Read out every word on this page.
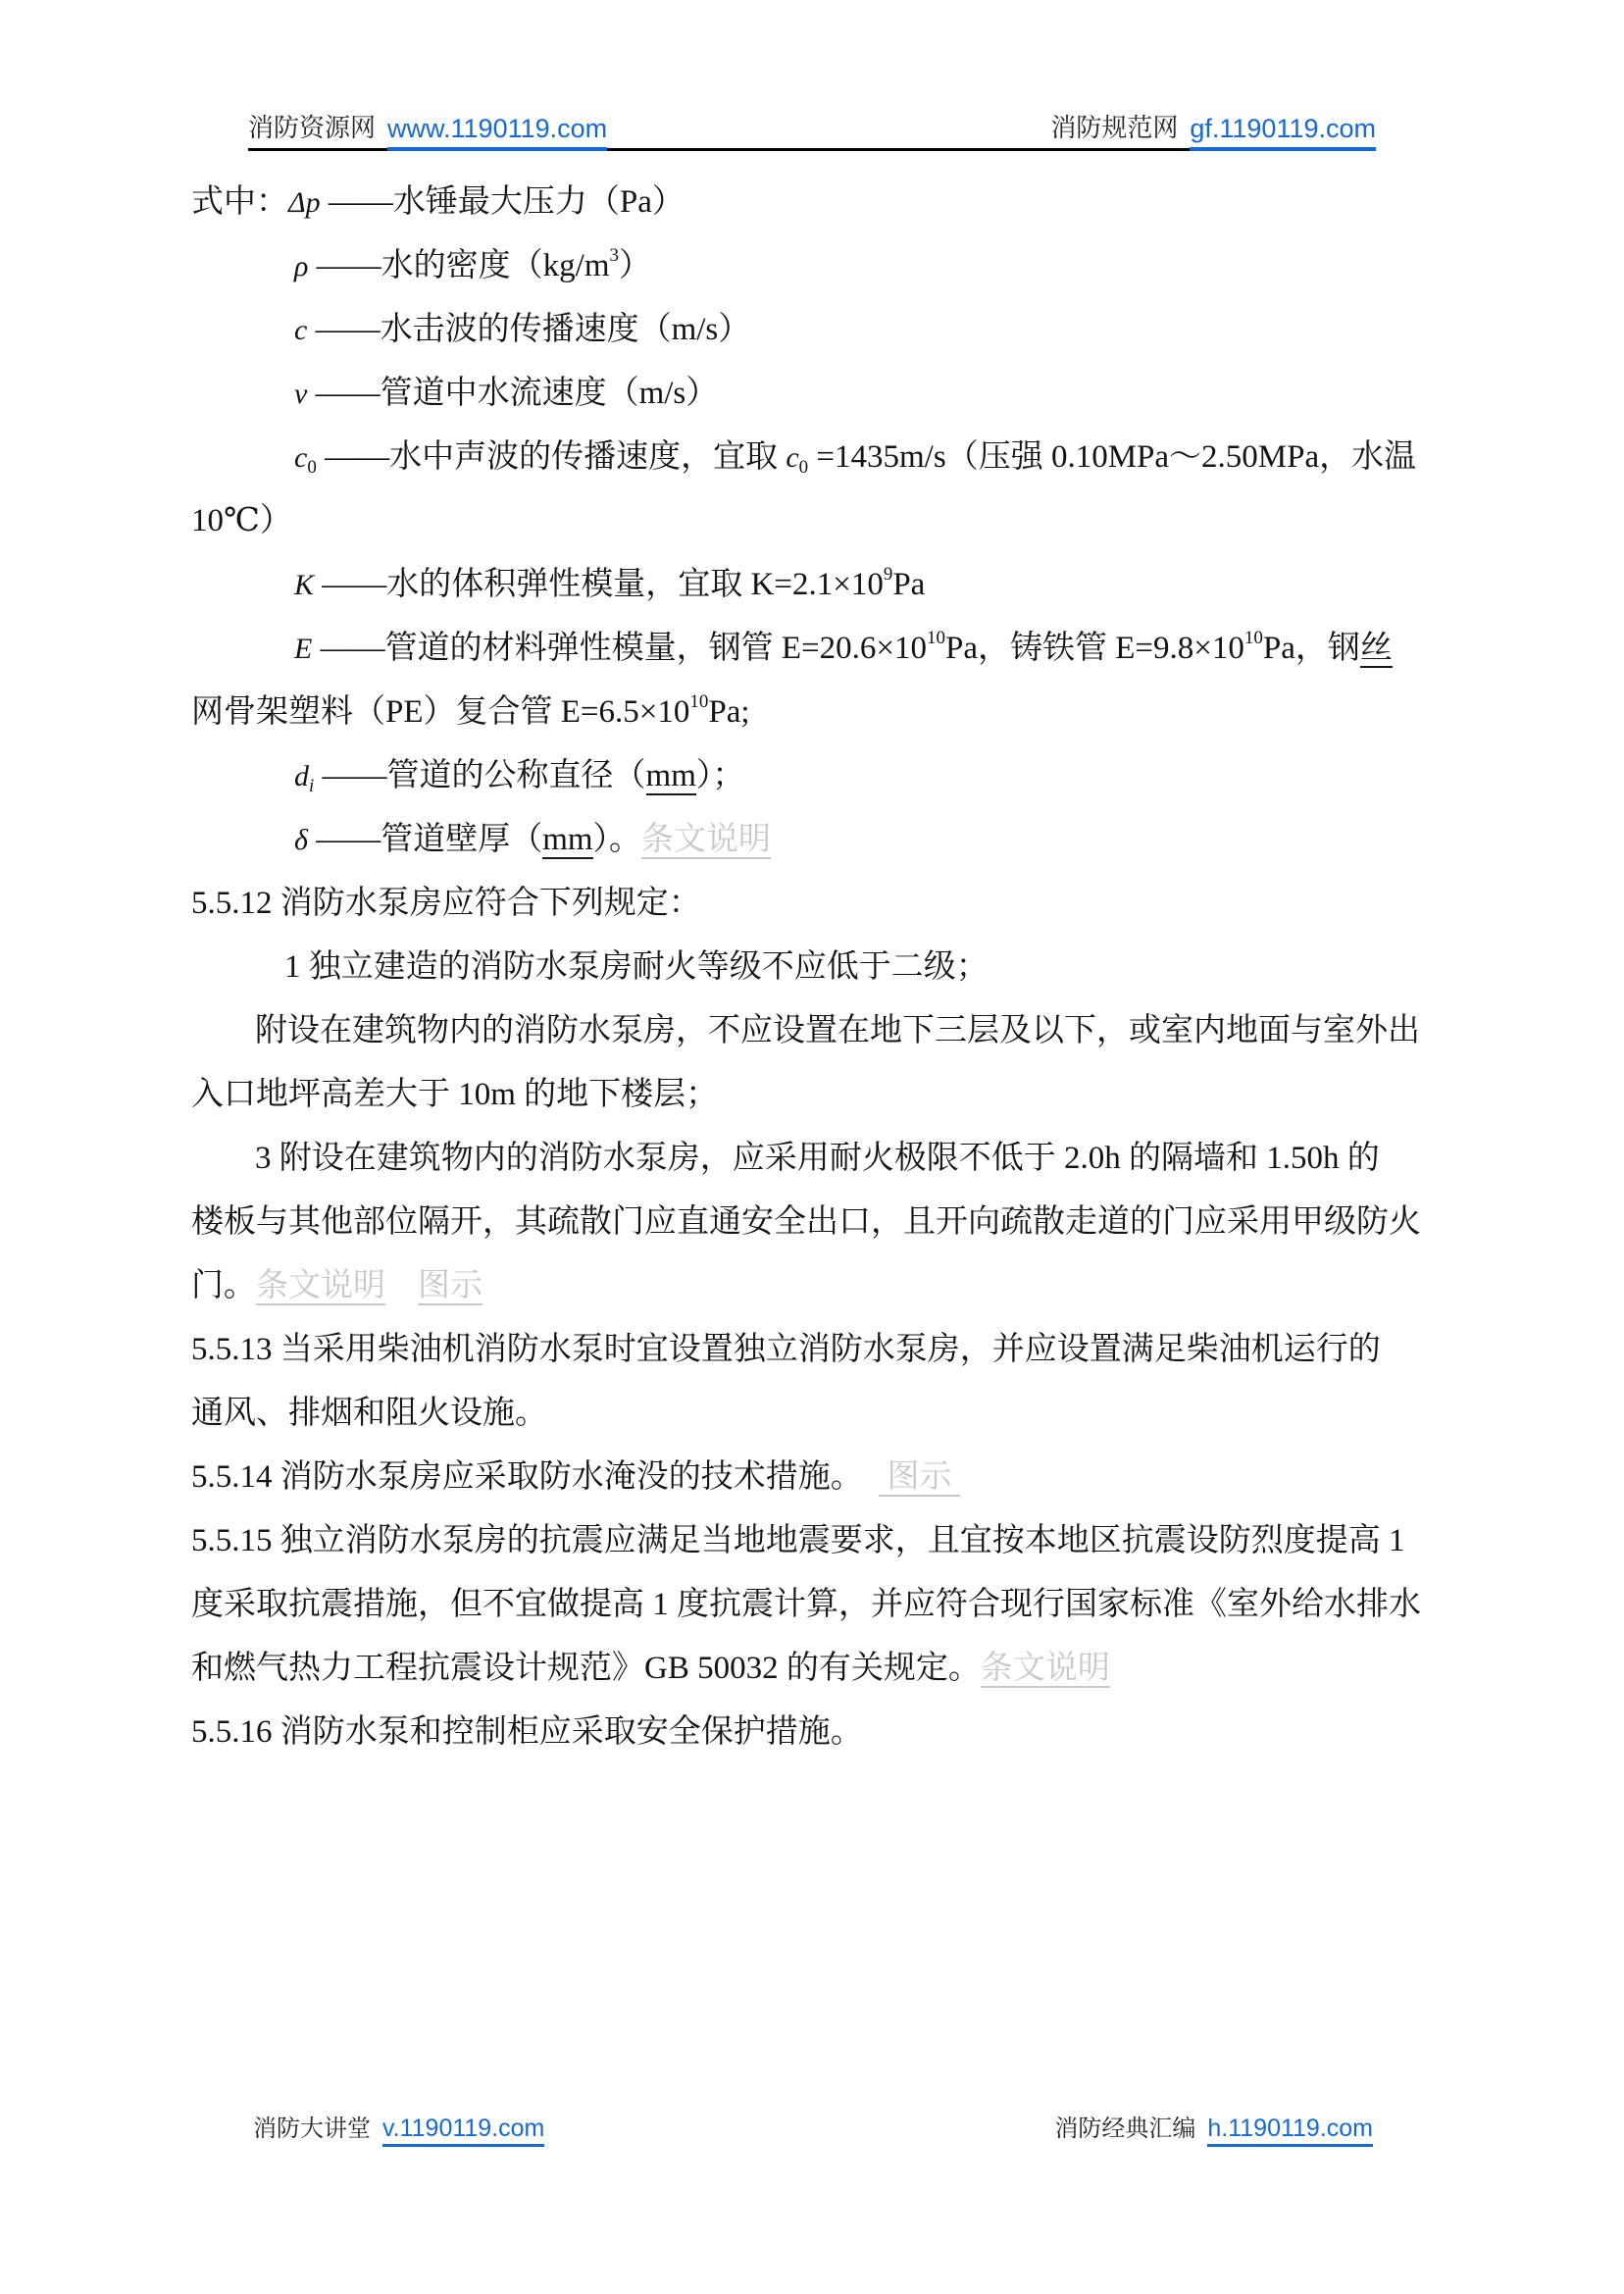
消防资源网 www.1190119.com	消防规范网 gf.1190119.com
式中：Δp ——水锤最大压力（Pa）
ρ ——水的密度$(kg/m^3)$
c ——水击波的传播速度（m/s）
v ——管道中水流速度（m/s）
c0 ——水中声波的传播速度，宜取 c0 =1435m/s（压强 0.10MPa～2.50MPa，水温
10℃）
K ——水的体积弹性模量，宜取 $K=2.1\times 10^9Pa$
E ——管道的材料弹性模量，钢管 $E=20.6\times 10^{10}Pa$，铸铁管 $E=9.8\times 10^{10}Pa$，钢丝
网骨架塑料（PE）复合管 $E=6.5\times 10^{10}Pa$;
di ——管道的公称直径（mm）；
δ ——管道壁厚（mm）。条文说明
5.5.12 消防水泵房应符合下列规定：
1 独立建造的消防水泵房耐火等级不应低于二级；
附设在建筑物内的消防水泵房，不应设置在地下三层及以下，或室内地面与室外出
入口地坪高差大于 10m 的地下楼层；
3 附设在建筑物内的消防水泵房，应采用耐火极限不低于 2.0h 的隔墙和 1.50h 的
楼板与其他部位隔开，其疏散门应直通安全出口，且开向疏散走道的门应采用甲级防火
门。条文说明　 图示
5.5.13 当采用柴油机消防水泵时宜设置独立消防水泵房，并应设置满足柴油机运行的
通风、排烟和阻火设施。
5.5.14 消防水泵房应采取防水淹没的技术措施。　 图示
5.5.15 独立消防水泵房的抗震应满足当地地震要求，且宜按本地区抗震设防烈度提高 1
度采取抗震措施，但不宜做提高 1 度抗震计算，并应符合现行国家标准《室外给水排水
和燃气热力工程抗震设计规范》GB 50032 的有关规定。条文说明
5.5.16 消防水泵和控制柜应采取安全保护措施。
消防大讲堂 v.1190119.com	消防经典汇编 h.1190119.com
